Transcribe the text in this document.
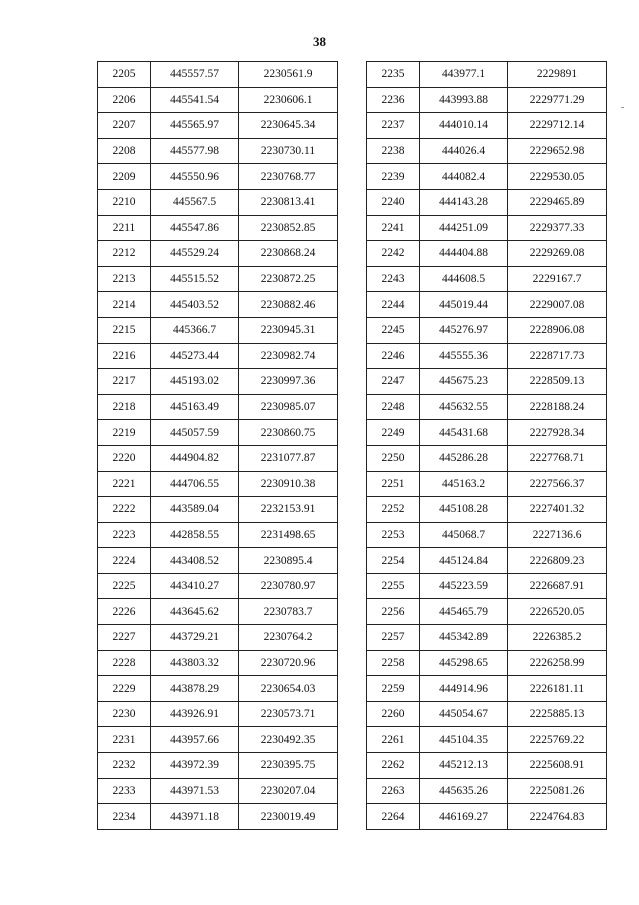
38
2205	445557.57	2230561.9
2206	445541.54	2230606.1
2207	445565.97	2230645.34
2208	445577.98	2230730.11
2209	445550.96	2230768.77
2210	445567.5	2230813.41
2211	445547.86	2230852.85
2212	445529.24	2230868.24
2213	445515.52	2230872.25
2214	445403.52	2230882.46
2215	445366.7	2230945.31
2216	445273.44	2230982.74
2217	445193.02	2230997.36
2218	445163.49	2230985.07
2219	445057.59	2230860.75
2220	444904.82	2231077.87
2221	444706.55	2230910.38
2222	443589.04	2232153.91
2223	442858.55	2231498.65
2224	443408.52	2230895.4
2225	443410.27	2230780.97
2226	443645.62	2230783.7
2227	443729.21	2230764.2
2228	443803.32	2230720.96
2229	443878.29	2230654.03
2230	443926.91	2230573.71
2231	443957.66	2230492.35
2232	443972.39	2230395.75
2233	443971.53	2230207.04
2234	443971.18	2230019.49
2235	443977.1	2229891
2236	443993.88	2229771.29
2237	444010.14	2229712.14
2238	444026.4	2229652.98
2239	444082.4	2229530.05
2240	444143.28	2229465.89
2241	444251.09	2229377.33
2242	444404.88	2229269.08
2243	444608.5	2229167.7
2244	445019.44	2229007.08
2245	445276.97	2228906.08
2246	445555.36	2228717.73
2247	445675.23	2228509.13
2248	445632.55	2228188.24
2249	445431.68	2227928.34
2250	445286.28	2227768.71
2251	445163.2	2227566.37
2252	445108.28	2227401.32
2253	445068.7	2227136.6
2254	445124.84	2226809.23
2255	445223.59	2226687.91
2256	445465.79	2226520.05
2257	445342.89	2226385.2
2258	445298.65	2226258.99
2259	444914.96	2226181.11
2260	445054.67	2225885.13
2261	445104.35	2225769.22
2262	445212.13	2225608.91
2263	445635.26	2225081.26
2264	446169.27	2224764.83
